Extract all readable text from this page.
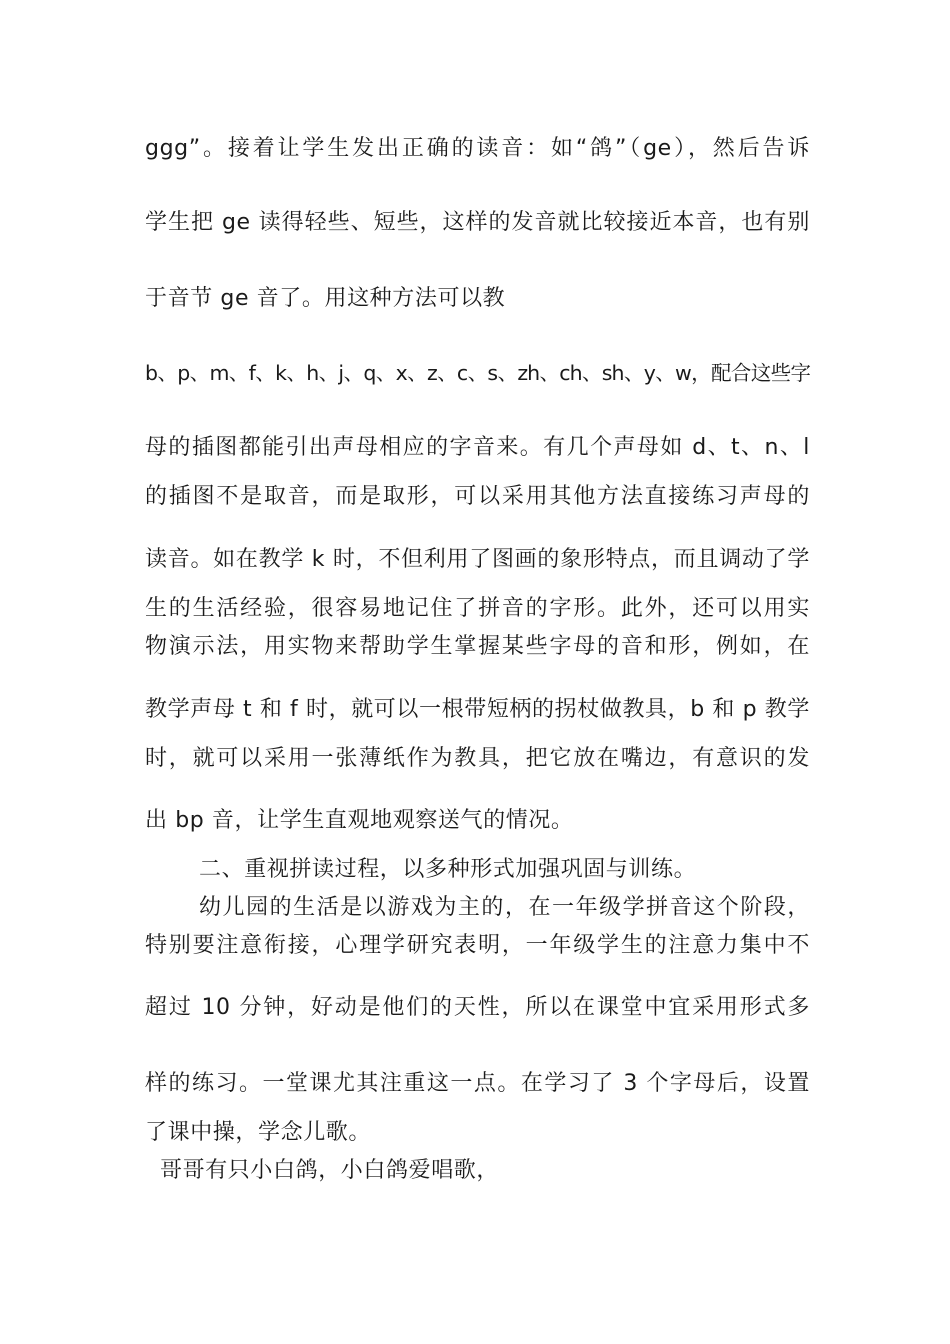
ggg”。接着让学生发出正确的读音：如“鸽”（ge），然后告诉
学生把 ge 读得轻些、短些，这样的发音就比较接近本音，也有别
于音节 ge 音了。用这种方法可以教
b、p、m、f、k、h、j、q、x、z、c、s、zh、ch、sh、y、w，配合这些字
母的插图都能引出声母相应的字音来。有几个声母如 d、t、n、l
的插图不是取音，而是取形，可以采用其他方法直接练习声母的
读音。如在教学 k 时，不但利用了图画的象形特点，而且调动了学
生的生活经验，很容易地记住了拼音的字形。此外，还可以用实
物演示法，用实物来帮助学生掌握某些字母的音和形，例如，在
教学声母 t 和 f 时，就可以一根带短柄的拐杖做教具，b 和 p 教学
时，就可以采用一张薄纸作为教具，把它放在嘴边，有意识的发
出 bp 音，让学生直观地观察送气的情况。
二、重视拼读过程，以多种形式加强巩固与训练。
幼儿园的生活是以游戏为主的，在一年级学拼音这个阶段，
特别要注意衔接，心理学研究表明，一年级学生的注意力集中不
超过 10 分钟，好动是他们的天性，所以在课堂中宜采用形式多
样的练习。一堂课尤其注重这一点。在学习了 3 个字母后，设置
了课中操，学念儿歌。
哥哥有只小白鸽，小白鸽爱唱歌，
